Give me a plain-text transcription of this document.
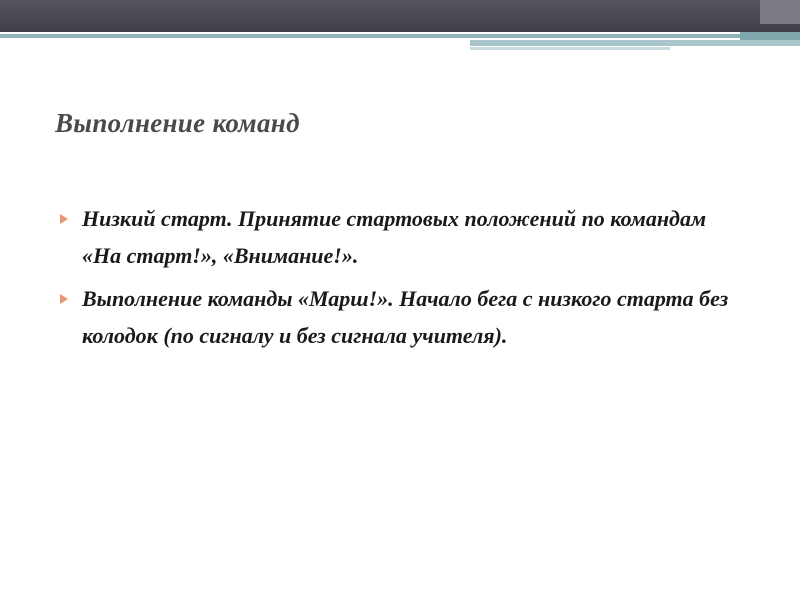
Выполнение команд
Низкий старт. Принятие стартовых положений по командам «На старт!», «Внимание!».
Выполнение команды «Марш!». Начало бега с низкого старта без колодок (по сигналу и без сигнала учителя).
